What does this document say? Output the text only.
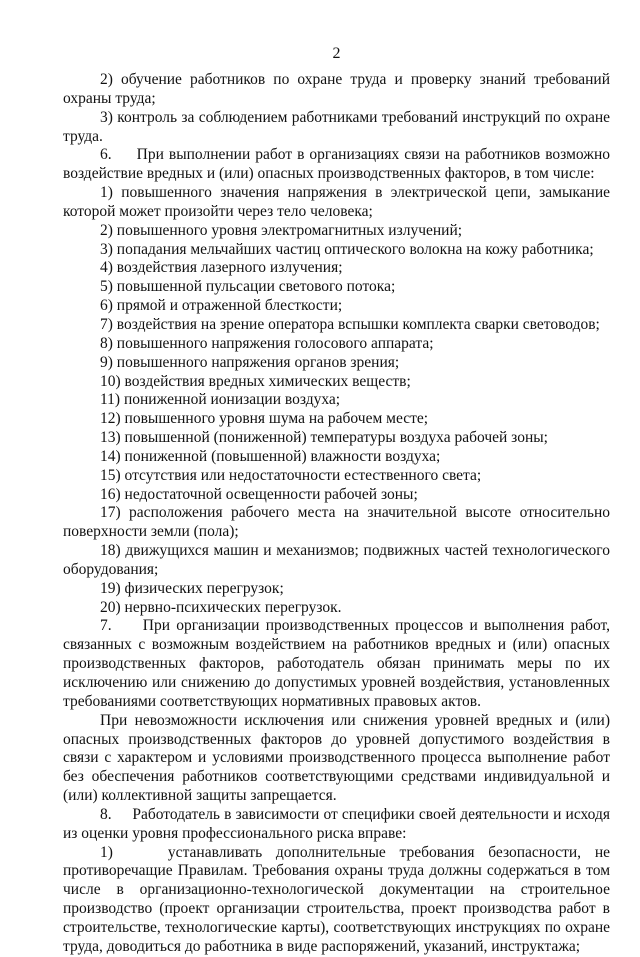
2

2) обучение работников по охране труда и проверку знаний требований охраны труда;

3) контроль за соблюдением работниками требований инструкций по охране труда.

6.     При выполнении работ в организациях связи на работников возможно воздействие вредных и (или) опасных производственных факторов, в том числе:

1) повышенного значения напряжения в электрической цепи, замыкание которой может произойти через тело человека;

2) повышенного уровня электромагнитных излучений;

3) попадания мельчайших частиц оптического волокна на кожу работника;

4) воздействия лазерного излучения;

5) повышенной пульсации светового потока;

6) прямой и отраженной блесткости;

7) воздействия на зрение оператора вспышки комплекта сварки световодов;

8) повышенного напряжения голосового аппарата;

9) повышенного напряжения органов зрения;

10) воздействия вредных химических веществ;

11) пониженной ионизации воздуха;

12) повышенного уровня шума на рабочем месте;

13) повышенной (пониженной) температуры воздуха рабочей зоны;

14) пониженной (повышенной) влажности воздуха;

15) отсутствия или недостаточности естественного света;

16) недостаточной освещенности рабочей зоны;

17) расположения рабочего места на значительной высоте относительно поверхности земли (пола);

18) движущихся машин и механизмов; подвижных частей технологического оборудования;

19) физических перегрузок;

20) нервно-психических перегрузок.

7.     При организации производственных процессов и выполнения работ, связанных с возможным воздействием на работников вредных и (или) опасных производственных факторов, работодатель обязан принимать меры по их исключению или снижению до допустимых уровней воздействия, установленных требованиями соответствующих нормативных правовых актов.

При невозможности исключения или снижения уровней вредных и (или) опасных производственных факторов до уровней допустимого воздействия в связи с характером и условиями производственного процесса выполнение работ без обеспечения работников соответствующими средствами индивидуальной и (или) коллективной защиты запрещается.

8.     Работодатель в зависимости от специфики своей деятельности и исходя из оценки уровня профессионального риска вправе:

1)    устанавливать дополнительные требования безопасности, не противоречащие Правилам. Требования охраны труда должны содержаться в том числе в организационно-технологической документации на строительное производство (проект организации строительства, проект производства работ в строительстве, технологические карты), соответствующих инструкциях по охране труда, доводиться до работника в виде распоряжений, указаний, инструктажа;
